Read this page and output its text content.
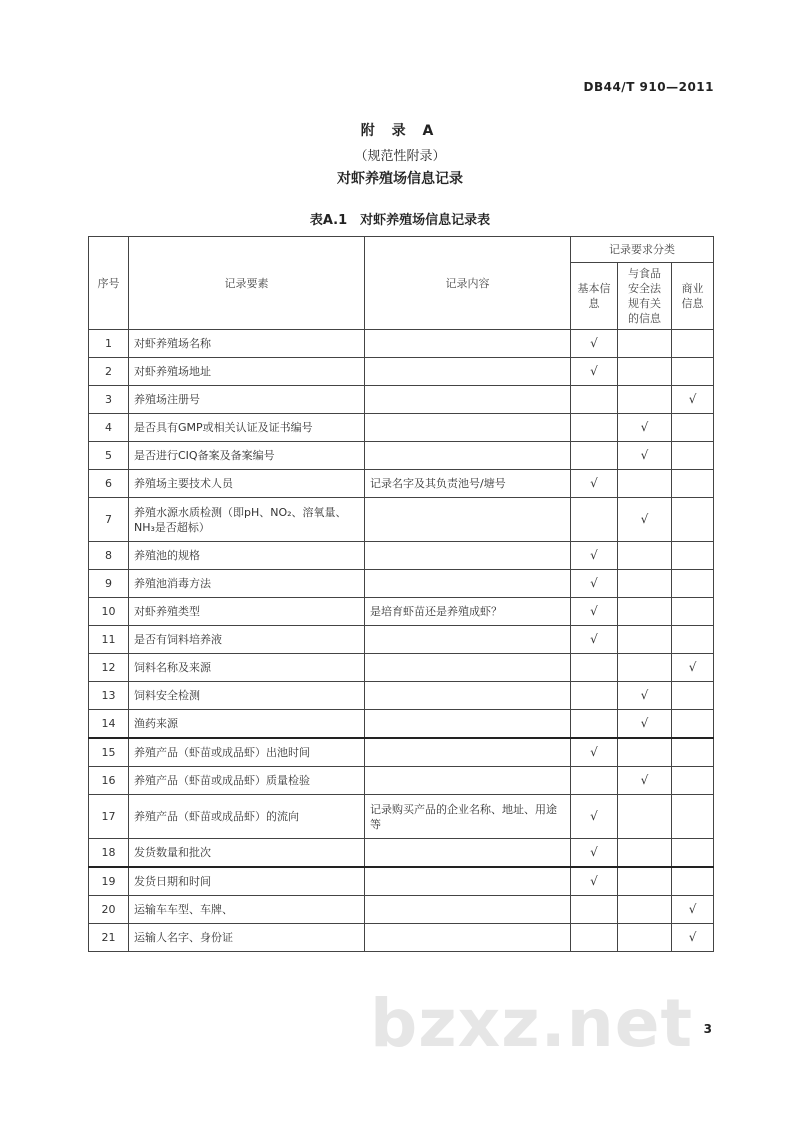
DB44/T 910—2011
附 录 A
（规范性附录）
对虾养殖场信息记录
表A.1　对虾养殖场信息记录表
序号	记录要素	记录内容	记录要求分类		
			基本信息	与食品安全法规有关的信息	商业信息
1	对虾养殖场名称		√		
2	对虾养殖场地址		√		
3	养殖场注册号				√
4	是否具有GMP或相关认证及证书编号			√	
5	是否进行CIQ备案及备案编号			√	
6	养殖场主要技术人员	记录名字及其负责池号/塘号	√		
7	养殖水源水质检测（即pH、NO₂、溶氧量、NH₃是否超标）			√	
8	养殖池的规格		√		
9	养殖池消毒方法		√		
10	对虾养殖类型	是培育虾苗还是养殖成虾？	√		
11	是否有饲料培养液		√		
12	饲料名称及来源				√
13	饲料安全检测			√	
14	渔药来源			√	
15	养殖产品（虾苗或成品虾）出池时间		√		
16	养殖产品（虾苗或成品虾）质量检验			√	
17	养殖产品（虾苗或成品虾）的流向	记录购买产品的企业名称、地址、用途等	√		
18	发货数量和批次		√		
19	发货日期和时间		√		
20	运输车车型、车牌、				√
21	运输人名字、身份证				√
bzxz.net 3
